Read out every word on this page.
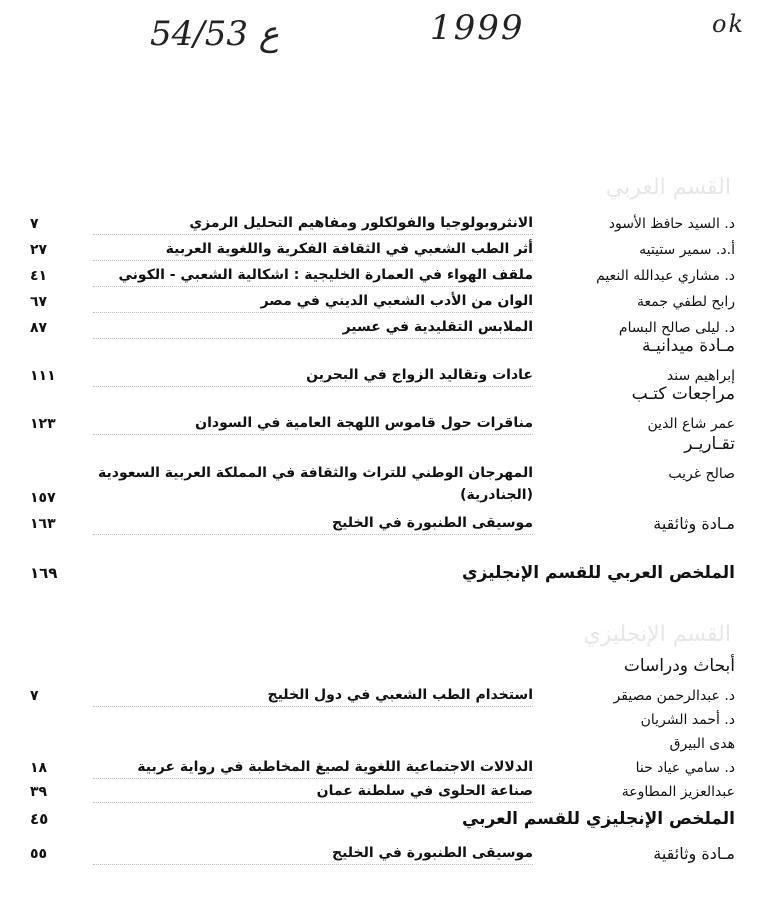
54/53 ع	1999	ok
القسم العربي
د. السيد حافظ الأسود
الانثروبولوجيا والفولكلور ومفاهيم التحليل الرمزي
٧
أ.د. سمير ستيتيه
أثر الطب الشعبي في الثقافة الفكرية واللغوية العربية
٢٧
د. مشاري عبدالله النعيم
ملقف الهواء في العمارة الخليجية : اشكالية الشعبي - الكوني
٤١
رابح لطفي جمعة
الوان من الأدب الشعبي الديني في مصر
٦٧
د. ليلى صالح البسام
الملابس التقليدية في عسير
٨٧
مـادة ميدانيـة
إبراهيم سند
عادات وتقاليد الزواج في البحرين
١١١
مراجعات كتـب
عمر شاع الدين
مناقرات حول قاموس اللهجة العامية في السودان
١٢٣
تقـاريـر
صالح غريب
المهرجان الوطني للتراث والثقافة في المملكة العربية السعودية
(الجنادرية)
١٥٧
مـادة وثائقية
موسيقى الطنبورة في الخليج
١٦٣
الملخص العربي للقسم الإنجليزي
١٦٩
القسم الإنجليزي
أبحاث ودراسات
د. عبدالرحمن مصيقر
استخدام الطب الشعبي في دول الخليج
٧
د. أحمد الشريان
هدى البيرق
د. سامي عياد حنا
الدلالات الاجتماعية اللغوية لصيغ المخاطبة في رواية عربية
١٨
عبدالعزيز المطاوعة
صناعة الحلوى في سلطنة عمان
٣٩
الملخص الإنجليزي للقسم العربي
٤٥
مـادة وثائقية
موسيقى الطنبورة في الخليج
٥٥
